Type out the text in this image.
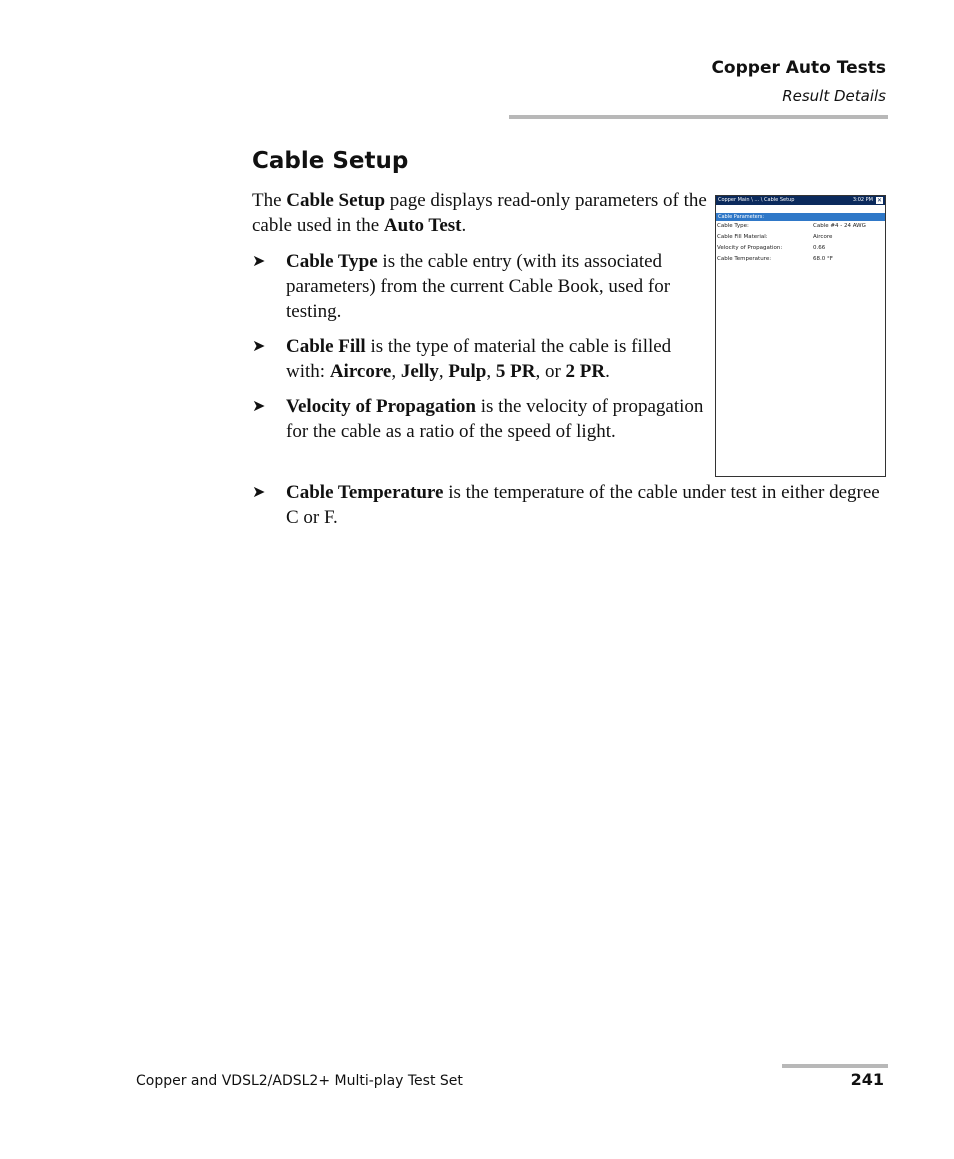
Copper Auto Tests
Result Details
Cable Setup

The Cable Setup page displays read-only parameters of the cable used in the Auto Test.

➤ Cable Type is the cable entry (with its associated parameters) from the current Cable Book, used for testing.
➤ Cable Fill is the type of material the cable is filled with: Aircore, Jelly, Pulp, 5 PR, or 2 PR.
➤ Velocity of Propagation is the velocity of propagation for the cable as a ratio of the speed of light.
➤ Cable Temperature is the temperature of the cable under test in either degree C or F.
Copper Main \ ... \ Cable Setup	3:02 PM ✕
Cable Parameters:
Cable Type:	Cable #4 - 24 AWG
Cable Fill Material:	Aircore
Velocity of Propagation:	0.66
Cable Temperature:	68.0 °F
Copper and VDSL2/ADSL2+ Multi-play Test Set	241
